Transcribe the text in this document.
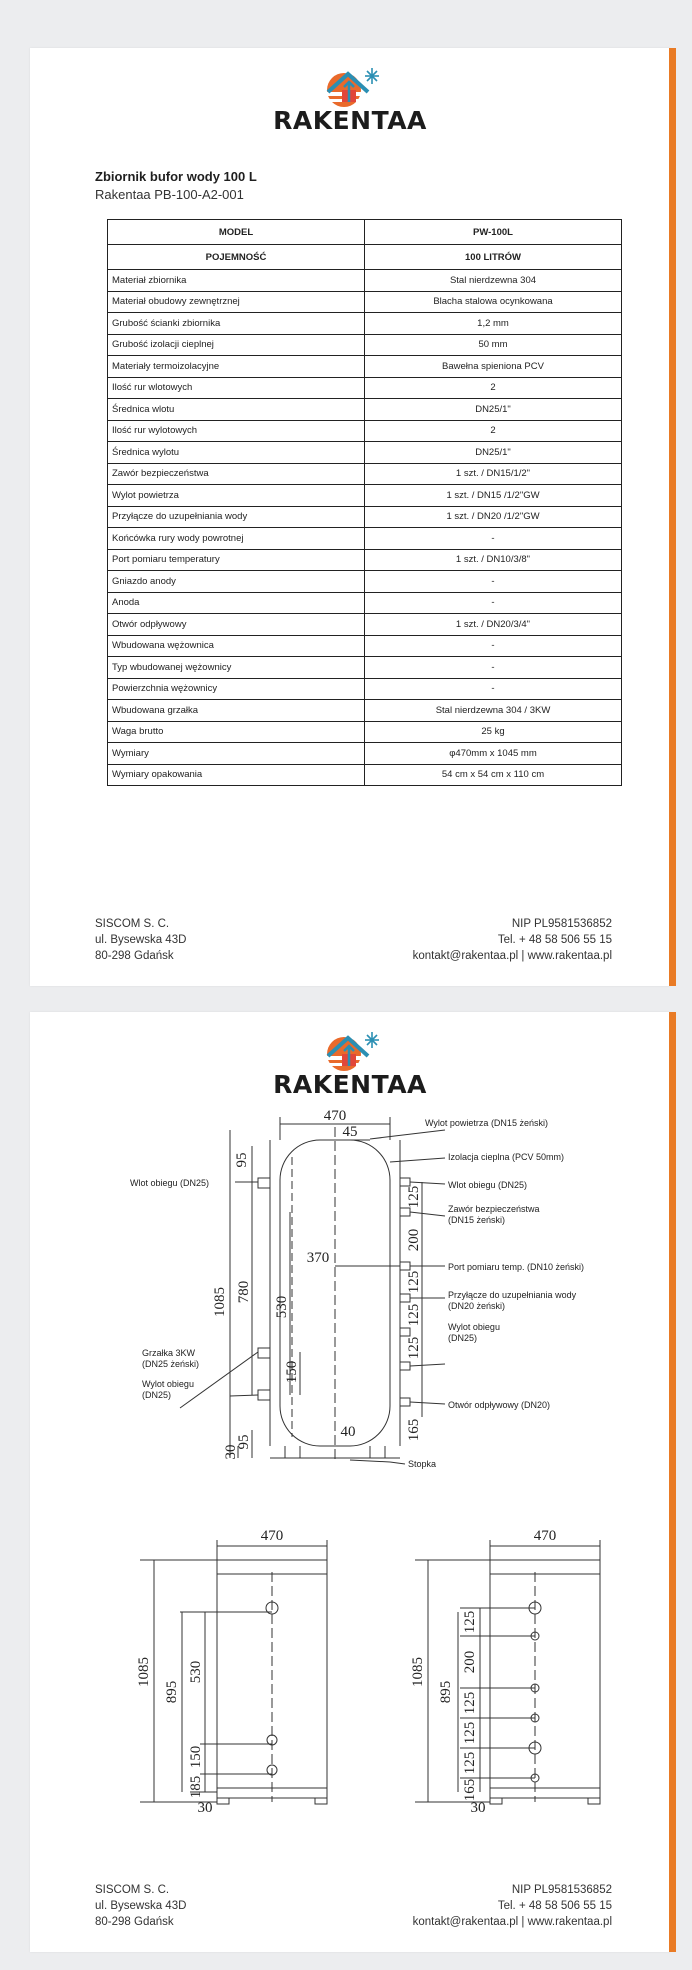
RAKENTAA
Zbiornik bufor wody 100 L
Rakentaa PB-100-A2-001
MODEL	PW-100L
POJEMNOŚĆ	100 LITRÓW
Materiał zbiornika	Stal nierdzewna 304
Materiał obudowy zewnętrznej	Blacha stalowa ocynkowana
Grubość ścianki zbiornika	1,2 mm
Grubość izolacji cieplnej	50 mm
Materiały termoizolacyjne	Bawełna spieniona PCV
Ilość rur wlotowych	2
Średnica wlotu	DN25/1"
Ilość rur wylotowych	2
Średnica wylotu	DN25/1"
Zawór bezpieczeństwa	1 szt. / DN15/1/2"
Wylot powietrza	1 szt. / DN15 /1/2"GW
Przyłącze do uzupełniania wody	1 szt. / DN20 /1/2"GW
Końcówka rury wody powrotnej	-
Port pomiaru temperatury	1 szt. / DN10/3/8"
Gniazdo anody	-
Anoda	-
Otwór odpływowy	1 szt. / DN20/3/4"
Wbudowana wężownica	-
Typ wbudowanej wężownicy	-
Powierzchnia wężownicy	-
Wbudowana grzałka	Stal nierdzewna 304 / 3KW
Waga brutto	25 kg
Wymiary	φ470mm x 1045 mm
Wymiary opakowania	54 cm x 54 cm x 110 cm
SISCOM S. C.
ul. Bysewska 43D
80-298 Gdańsk
NIP PL9581536852
Tel. + 48 58 506 55 15
kontakt@rakentaa.pl | www.rakentaa.pl
RAKENTAA
Wylot powietrza (DN15 żeński)
Izolacja cieplna (PCV 50mm)
Wlot obiegu (DN25)	Wlot obiegu (DN25)
Zawór bezpieczeństwa
(DN15 żeński)
Port pomiaru temp. (DN10 żeński)
Przyłącze do uzupełniania wody
(DN20 żeński)
Wylot obiegu
(DN25)
Grzałka 3KW
(DN25 żeński)
Wylot obiegu
(DN25)
Otwór odpływowy (DN20)
Stopka
470
45
95
1085 780
530
370
150
40
95
30
125
200
125
125
125
165
470
1085
895
530
150
185
30
470
1085
895
125
200
125
125
125
165
30
SISCOM S. C.
ul. Bysewska 43D
80-298 Gdańsk
NIP PL9581536852
Tel. + 48 58 506 55 15
kontakt@rakentaa.pl | www.rakentaa.pl
